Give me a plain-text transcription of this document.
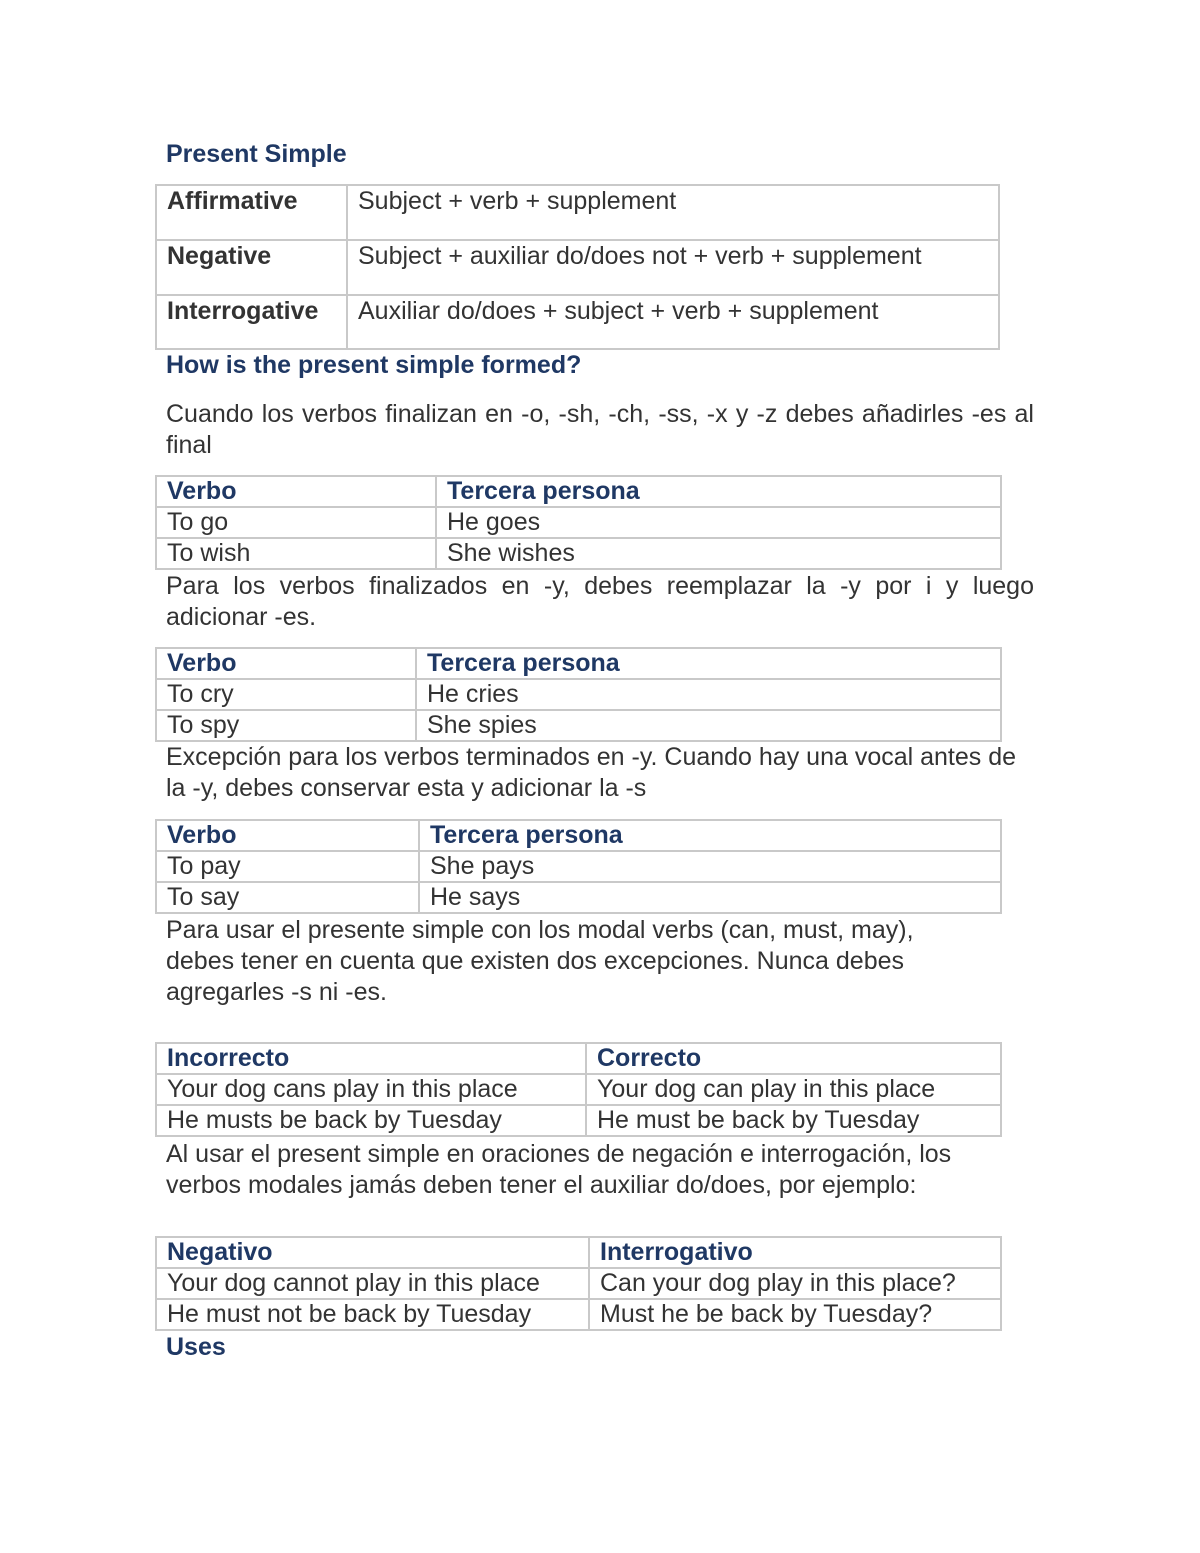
Present Simple
Affirmative	Subject + verb + supplement
Negative	Subject + auxiliar do/does not + verb + supplement
Interrogative	Auxiliar do/does + subject + verb + supplement
How is the present simple formed?

Cuando los verbos finalizan en -o, -sh, -ch, -ss, -x y -z debes añadirles -es al final

Verbo	Tercera persona
To go	He goes
To wish	She wishes

Para los verbos finalizados en -y, debes reemplazar la -y por i y luego adicionar -es.

Verbo	Tercera persona
To cry	He cries
To spy	She spies

Excepción para los verbos terminados en -y. Cuando hay una vocal antes de la -y, debes conservar esta y adicionar la -s

Verbo	Tercera persona
To pay	She pays
To say	He says

Para usar el presente simple con los modal verbs (can, must, may), debes tener en cuenta que existen dos excepciones. Nunca debes agregarles -s ni -es.

Incorrecto	Correcto
Your dog cans play in this place	Your dog can play in this place
He musts be back by Tuesday	He must be back by Tuesday

Al usar el present simple en oraciones de negación e interrogación, los verbos modales jamás deben tener el auxiliar do/does, por ejemplo:

Negativo	Interrogativo
Your dog cannot play in this place	Can your dog play in this place?
He must not be back by Tuesday	Must he be back by Tuesday?
Uses
